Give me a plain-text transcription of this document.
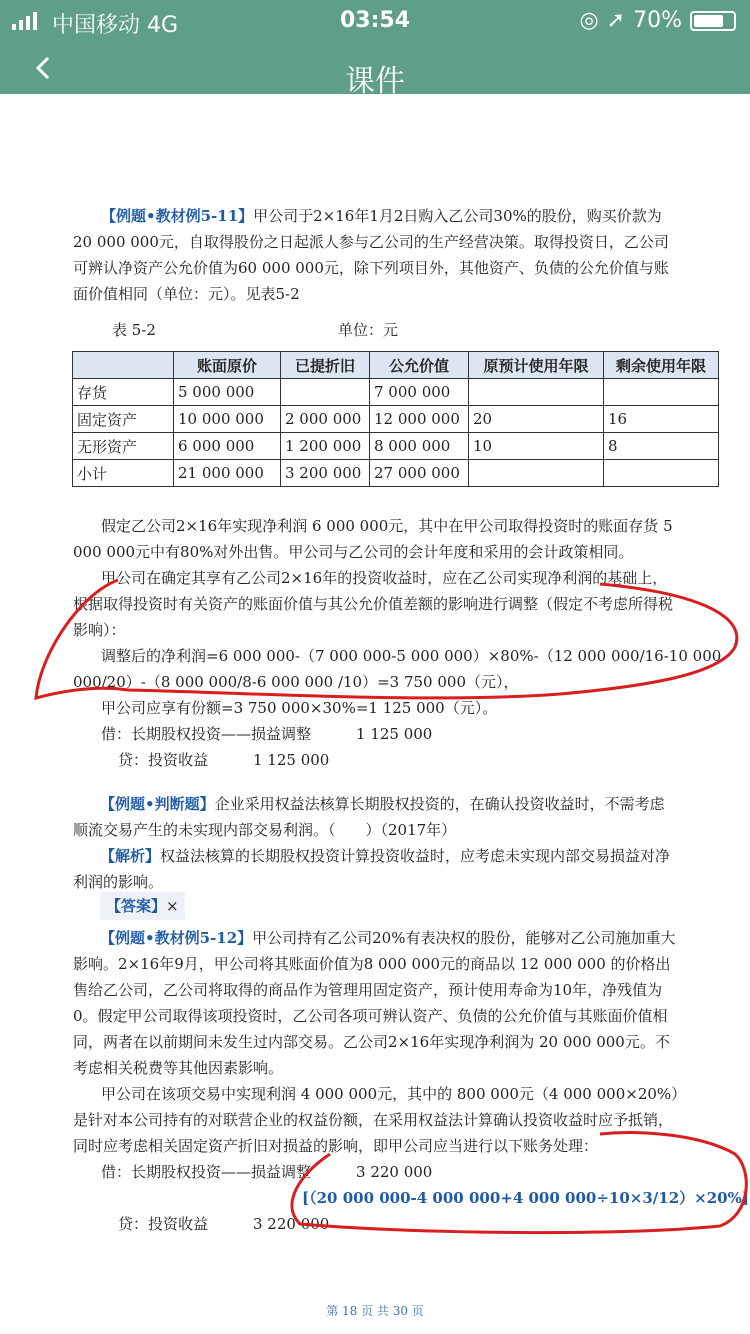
中国移动 4G	03:54	◎ ➚ 70%
课件
【例题•教材例5-11】甲公司于2×16年1月2日购入乙公司30%的股份，购买价款为
20 000 000元，自取得股份之日起派人参与乙公司的生产经营决策。取得投资日，乙公司
可辨认净资产公允价值为60 000 000元，除下列项目外，其他资产、负债的公允价值与账
面价值相同（单位：元）。见表5-2
表 5-2	单位：元
	账面原价	已提折旧	公允价值	原预计使用年限	剩余使用年限
存货	5 000 000		7 000 000		
固定资产	10 000 000	2 000 000	12 000 000	20	16
无形资产	6 000 000	1 200 000	8 000 000	10	8
小计	21 000 000	3 200 000	27 000 000		
假定乙公司2×16年实现净利润 6 000 000元，其中在甲公司取得投资时的账面存货 5
000 000元中有80%对外出售。甲公司与乙公司的会计年度和采用的会计政策相同。
甲公司在确定其享有乙公司2×16年的投资收益时，应在乙公司实现净利润的基础上，
根据取得投资时有关资产的账面价值与其公允价值差额的影响进行调整（假定不考虑所得税
影响）：
调整后的净利润=6 000 000-（7 000 000-5 000 000）×80%-（12 000 000/16-10 000
000/20）-（8 000 000/8-6 000 000 /10）=3 750 000（元），
甲公司应享有份额=3 750 000×30%=1 125 000（元）。
借：长期股权投资——损益调整　　　1 125 000
贷：投资收益　　　1 125 000
【例题•判断题】企业采用权益法核算长期股权投资的，在确认投资收益时，不需考虑
顺流交易产生的未实现内部交易利润。（　　）（2017年）
【解析】权益法核算的长期股权投资计算投资收益时，应考虑未实现内部交易损益对净
利润的影响。
【答案】×
【例题•教材例5-12】甲公司持有乙公司20%有表决权的股份，能够对乙公司施加重大
影响。2×16年9月，甲公司将其账面价值为8 000 000元的商品以 12 000 000 的价格出
售给乙公司，乙公司将取得的商品作为管理用固定资产，预计使用寿命为10年，净残值为
0。假定甲公司取得该项投资时，乙公司各项可辨认资产、负债的公允价值与其账面价值相
同，两者在以前期间未发生过内部交易。乙公司2×16年实现净利润为 20 000 000元。不
考虑相关税费等其他因素影响。
甲公司在该项交易中实现利润 4 000 000元，其中的 800 000元（4 000 000×20%）
是针对本公司持有的对联营企业的权益份额，在采用权益法计算确认投资收益时应予抵销，
同时应考虑相关固定资产折旧对损益的影响，即甲公司应当进行以下账务处理：
借：长期股权投资——损益调整　　　3 220 000
[（20 000 000-4 000 000+4 000 000÷10×3/12）×20%]
贷：投资收益　　　3 220 000
第 18 页 共 30 页
